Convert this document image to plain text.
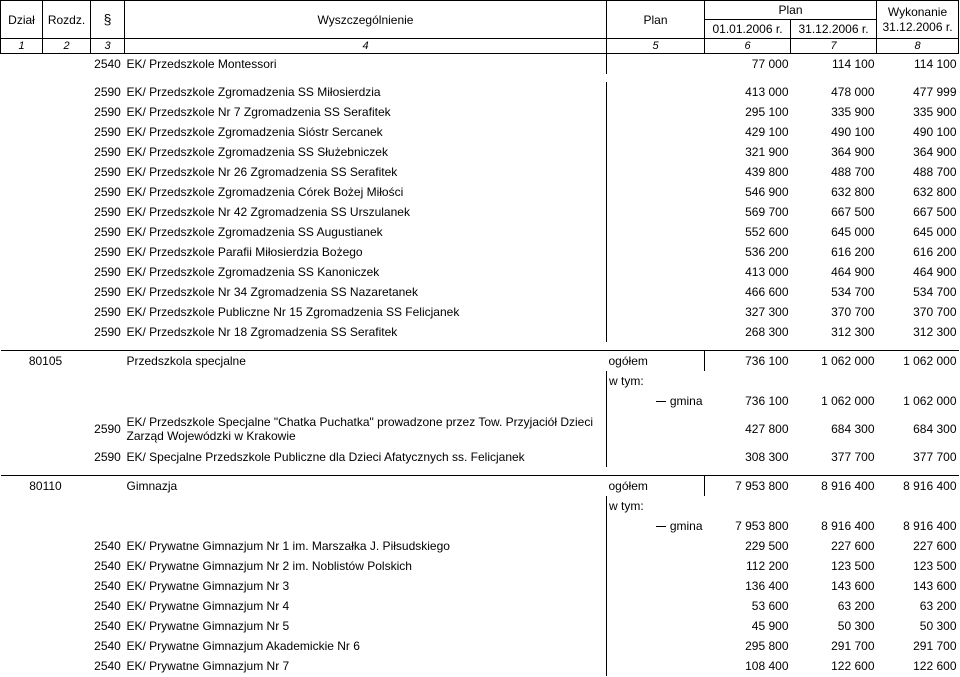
Dział	Rozdz.	§	Wyszczególnienie	Plan	Plan		Wykonanie
31.12.2006 r.
					01.01.2006 r.	31.12.2006 r.	
1	2	3	4	5	6	7	8
		2540	EK/ Przedszkole Montessori		77 000	114 100	114 100

		2590	EK/ Przedszkole Zgromadzenia SS Miłosierdzia		413 000	478 000	477 999
		2590	EK/ Przedszkole Nr 7 Zgromadzenia SS Serafitek		295 100	335 900	335 900
		2590	EK/ Przedszkole Zgromadzenia Sióstr Sercanek		429 100	490 100	490 100
		2590	EK/ Przedszkole Zgromadzenia SS Służebniczek		321 900	364 900	364 900
		2590	EK/ Przedszkole Nr 26 Zgromadzenia SS Serafitek		439 800	488 700	488 700
		2590	EK/ Przedszkole Zgromadzenia Córek Bożej Miłości		546 900	632 800	632 800
		2590	EK/ Przedszkole Nr 42 Zgromadzenia SS Urszulanek		569 700	667 500	667 500
		2590	EK/ Przedszkole Zgromadzenia SS Augustianek		552 600	645 000	645 000
		2590	EK/ Przedszkole Parafii Miłosierdzia Bożego		536 200	616 200	616 200
		2590	EK/ Przedszkole Zgromadzenia SS Kanoniczek		413 000	464 900	464 900
		2590	EK/ Przedszkole Nr 34 Zgromadzenia SS Nazaretanek		466 600	534 700	534 700
		2590	EK/ Przedszkole Publiczne Nr 15 Zgromadzenia SS Felicjanek		327 300	370 700	370 700
		2590	EK/ Przedszkole Nr 18 Zgromadzenia SS Serafitek		268 300	312 300	312 300

80105			Przedszkola specjalne	ogółem	736 100	1 062 000	1 062 000
				w tym:			
				gmina	736 100	1 062 000	1 062 000
		2590	EK/ Przedszkole Specjalne "Chatka Puchatka" prowadzone przez Tow. Przyjaciół Dzieci Zarząd Wojewódzki w Krakowie		427 800	684 300	684 300
		2590	EK/ Specjalne Przedszkole Publiczne dla Dzieci Afatycznych ss. Felicjanek		308 300	377 700	377 700

80110			Gimnazja	ogółem	7 953 800	8 916 400	8 916 400
				w tym:			
				gmina	7 953 800	8 916 400	8 916 400
		2540	EK/ Prywatne Gimnazjum Nr 1 im. Marszałka J. Piłsudskiego		229 500	227 600	227 600
		2540	EK/ Prywatne Gimnazjum Nr 2 im. Noblistów Polskich		112 200	123 500	123 500
		2540	EK/ Prywatne Gimnazjum Nr 3		136 400	143 600	143 600
		2540	EK/ Prywatne Gimnazjum Nr 4		53 600	63 200	63 200
		2540	EK/ Prywatne Gimnazjum Nr 5		45 900	50 300	50 300
		2540	EK/ Prywatne Gimnazjum Akademickie Nr 6		295 800	291 700	291 700
		2540	EK/ Prywatne Gimnazjum Nr 7		108 400	122 600	122 600
